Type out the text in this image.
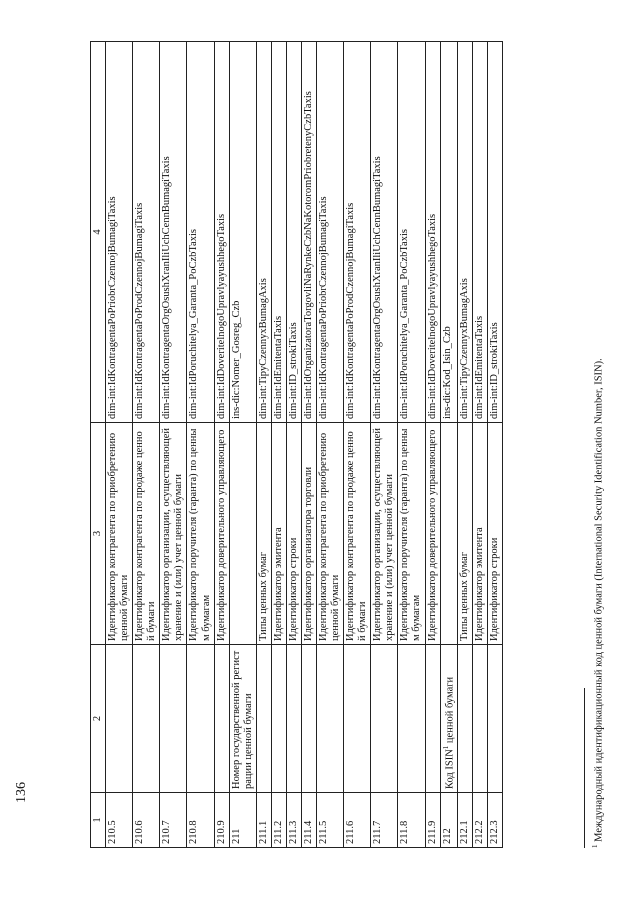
136
1	2	3	4
210.5		Идентификатор контрагента по приобретению ценной бумаги	dim-int:IdKontragentaPoPriobrCzennojBumagiTaxis
210.6		Идентификатор контрагента по продаже ценной бумаги	dim-int:IdKontragentaPoProdCzennojBumagiTaxis
210.7		Идентификатор организации, осуществляющей хранение и (или) учет ценной бумаги	dim-int:IdKontragentaOrgOsushXranIliUchCennBumagiTaxis
210.8		Идентификатор поручителя (гаранта) по ценным бумагам	dim-int:IdPoruchitelya_Garanta_PoCzbTaxis
210.9		Идентификатор доверительного управляющего	dim-int:IdDoveritelnogoUpravlyayushhegoTaxis
211	Номер государственной регистрации ценной бумаги		ins-dic:Nomer_Gosreg_Czb
211.1		Типы ценных бумаг	dim-int:TipyCzennyxBumagAxis
211.2		Идентификатор эмитента	dim-int:IdEmitentaTaxis
211.3		Идентификатор строки	dim-int:ID_strokiTaxis
211.4		Идентификатор организатора торговли	dim-int:IdOrganizatoraTorgovliNaRynkeCzbNaKotoromPriobretenyCzbTaxis
211.5		Идентификатор контрагента по приобретению ценной бумаги	dim-int:IdKontragentaPoPriobrCzennojBumagiTaxis
211.6		Идентификатор контрагента по продаже ценной бумаги	dim-int:IdKontragentaPoProdCzennojBumagiTaxis
211.7		Идентификатор организации, осуществляющей хранение и (или) учет ценной бумаги	dim-int:IdKontragentaOrgOsushXranIliUchCennBumagiTaxis
211.8		Идентификатор поручителя (гаранта) по ценным бумагам	dim-int:IdPoruchitelya_Garanta_PoCzbTaxis
211.9		Идентификатор доверительного управляющего	dim-int:IdDoveritelnogoUpravlyayushhegoTaxis
212	Код ISIN$^1$ ценной бумаги		ins-dic:Kod_Isin_Czb
212.1		Типы ценных бумаг	dim-int:TipyCzennyxBumagAxis
212.2		Идентификатор эмитента	dim-int:IdEmitentaTaxis
212.3		Идентификатор строки	dim-int:ID_strokiTaxis
$^1$ Международный идентификационный код ценной бумаги (International Security Identification Number, ISIN).
